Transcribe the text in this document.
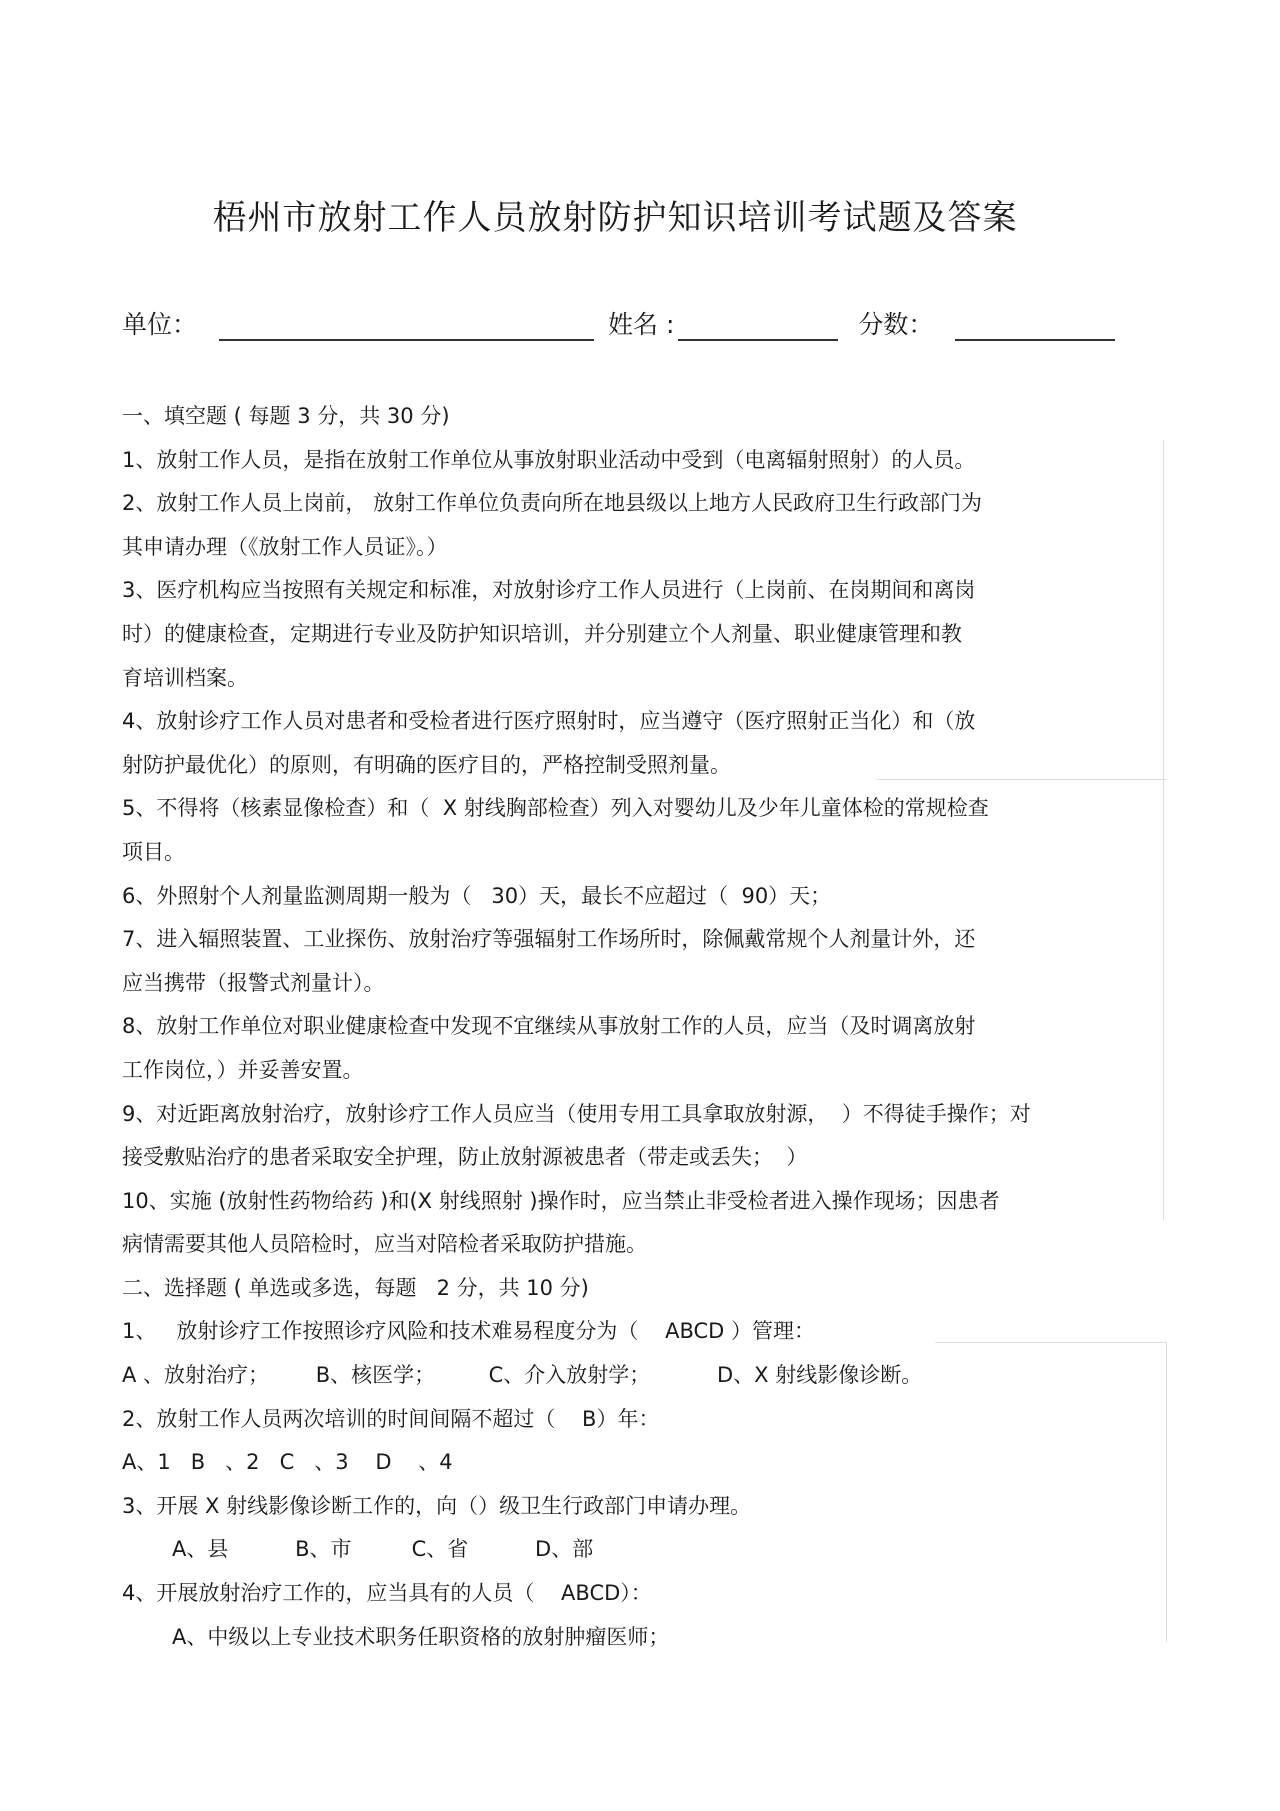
梧州市放射工作人员放射防护知识培训考试题及答案
单位：	姓名 :	分数：
一、填空题 ( 每题 3 分，共 30 分)
1、放射工作人员，是指在放射工作单位从事放射职业活动中受到（电离辐射照射）的人员。
2、放射工作人员上岗前， 放射工作单位负责向所在地县级以上地方人民政府卫生行政部门为
其申请办理（《放射工作人员证》。）
3、医疗机构应当按照有关规定和标准，对放射诊疗工作人员进行（上岗前、在岗期间和离岗
时）的健康检查，定期进行专业及防护知识培训，并分别建立个人剂量、职业健康管理和教
育培训档案。
4、放射诊疗工作人员对患者和受检者进行医疗照射时，应当遵守（医疗照射正当化）和（放
射防护最优化）的原则，有明确的医疗目的，严格控制受照剂量。
5、不得将（核素显像检查）和（  X 射线胸部检查）列入对婴幼儿及少年儿童体检的常规检查
项目。
6、外照射个人剂量监测周期一般为（   30）天，最长不应超过（  90）天；
7、进入辐照装置、工业探伤、放射治疗等强辐射工作场所时，除佩戴常规个人剂量计外，还
应当携带（报警式剂量计）。
8、放射工作单位对职业健康检查中发现不宜继续从事放射工作的人员，应当（及时调离放射
工作岗位，）并妥善安置。
9、对近距离放射治疗，放射诊疗工作人员应当（使用专用工具拿取放射源，  ）不得徒手操作；对
接受敷贴治疗的患者采取安全护理，防止放射源被患者（带走或丢失；  ）
10、实施 (放射性药物给药 )和(X 射线照射 )操作时，应当禁止非受检者进入操作现场；因患者
病情需要其他人员陪检时，应当对陪检者采取防护措施。
二、选择题 ( 单选或多选，每题   2 分，共 10 分)
1、   放射诊疗工作按照诊疗风险和技术难易程度分为（    ABCD ）管理：
A 、放射治疗；       B、核医学；        C、介入放射学；          D、X 射线影像诊断。
2、放射工作人员两次培训的时间间隔不超过（    B）年：
A、1   B   、2   C   、3    D    、4
3、开展 X 射线影像诊断工作的，向（）级卫生行政部门申请办理。
A、县          B、市         C、省          D、部
4、开展放射治疗工作的，应当具有的人员（    ABCD）：
A、中级以上专业技术职务任职资格的放射肿瘤医师；
